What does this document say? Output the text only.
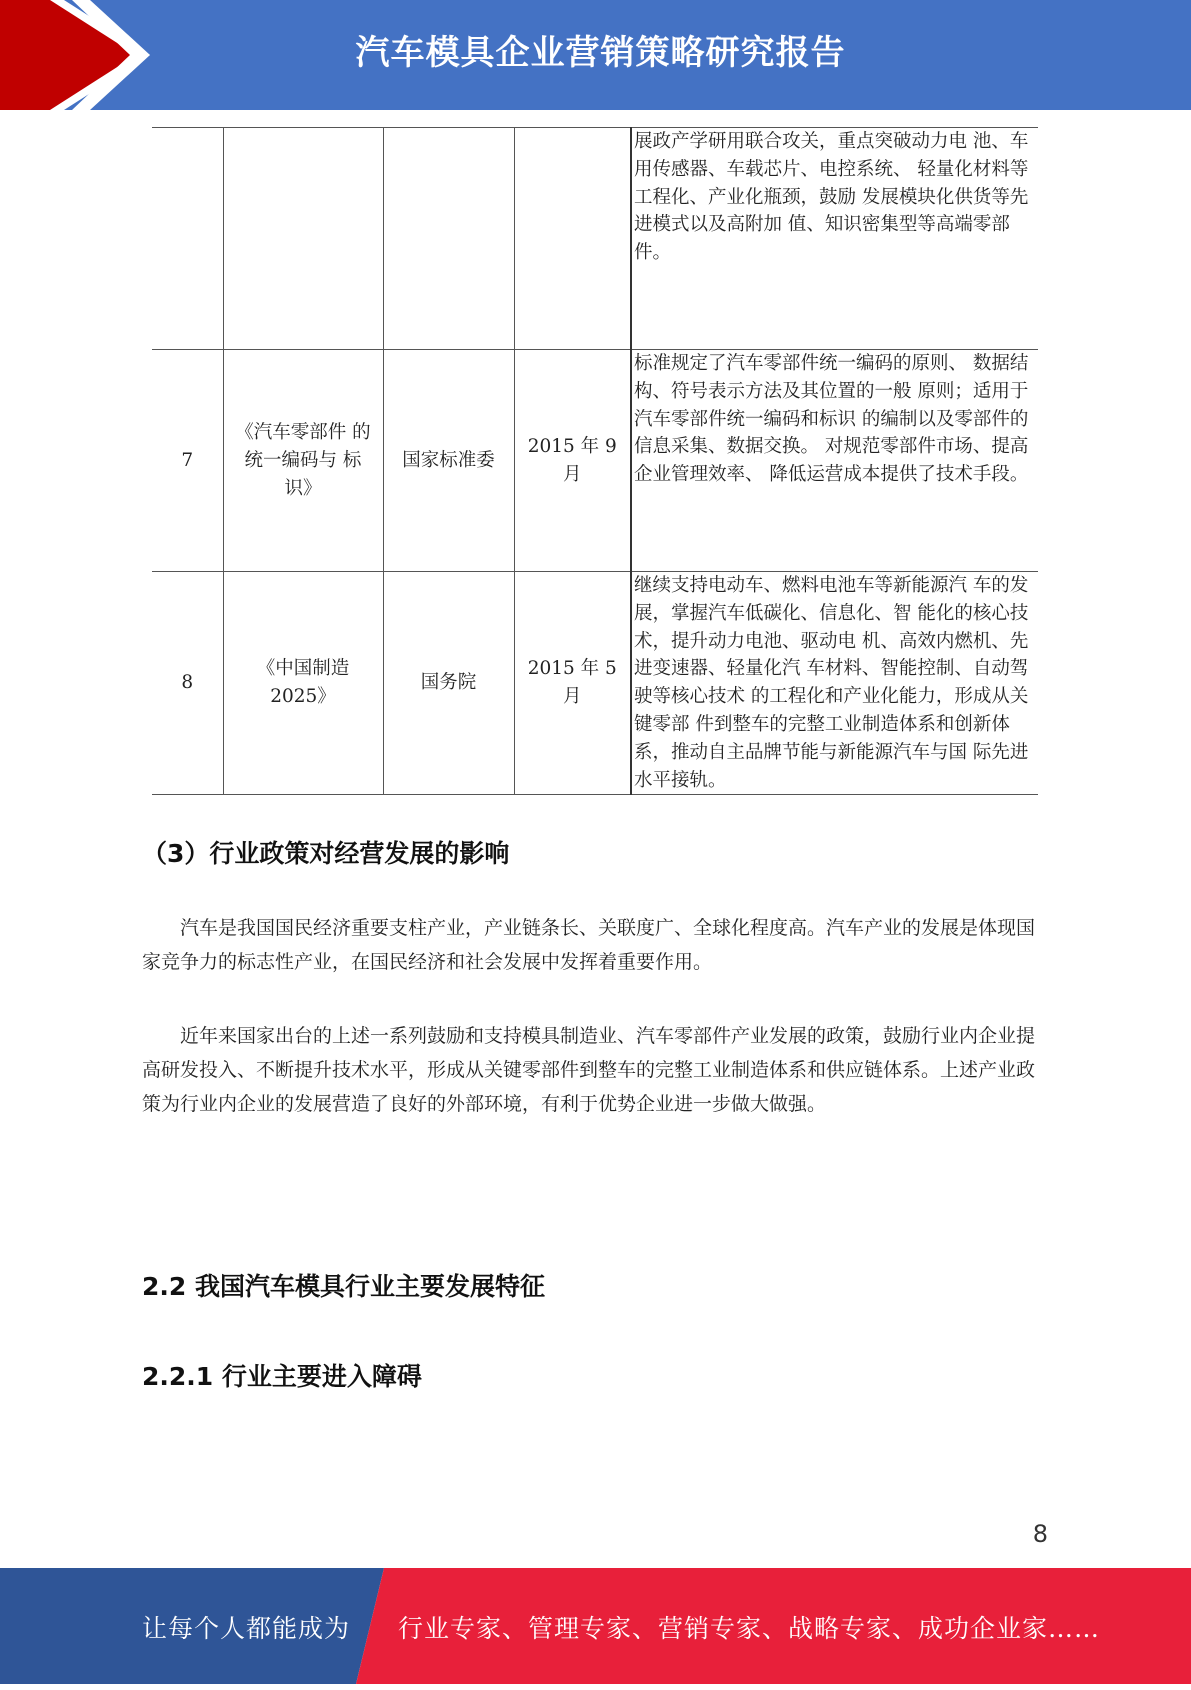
汽车模具企业营销策略研究报告
				展政产学研用联合攻关，重点突破动力电 池、车用传感器、车载芯片、电控系统、 轻量化材料等工程化、产业化瓶颈，鼓励 发展模块化供货等先进模式以及高附加 值、知识密集型等高端零部件。
7	《汽车零部件 的统一编码与 标识》	国家标准委	2015 年 9 月	标准规定了汽车零部件统一编码的原则、 数据结构、符号表示方法及其位置的一般 原则；适用于汽车零部件统一编码和标识 的编制以及零部件的信息采集、数据交换。 对规范零部件市场、提高企业管理效率、 降低运营成本提供了技术手段。
8	《中国制造 2025》	国务院	2015 年 5 月	继续支持电动车、燃料电池车等新能源汽 车的发展，掌握汽车低碳化、信息化、智 能化的核心技术，提升动力电池、驱动电 机、高效内燃机、先进变速器、轻量化汽 车材料、智能控制、自动驾驶等核心技术 的工程化和产业化能力，形成从关键零部 件到整车的完整工业制造体系和创新体 系，推动自主品牌节能与新能源汽车与国 际先进水平接轨。
（3）行业政策对经营发展的影响

汽车是我国国民经济重要支柱产业，产业链条长、关联度广、全球化程度高。汽车产业的发展是体现国家竞争力的标志性产业，在国民经济和社会发展中发挥着重要作用。

近年来国家出台的上述一系列鼓励和支持模具制造业、汽车零部件产业发展的政策，鼓励行业内企业提高研发投入、不断提升技术水平，形成从关键零部件到整车的完整工业制造体系和供应链体系。上述产业政策为行业内企业的发展营造了良好的外部环境，有利于优势企业进一步做大做强。

2.2 我国汽车模具行业主要发展特征
2.2.1 行业主要进入障碍
8
让每个人都能成为 行业专家、管理专家、营销专家、战略专家、成功企业家……
